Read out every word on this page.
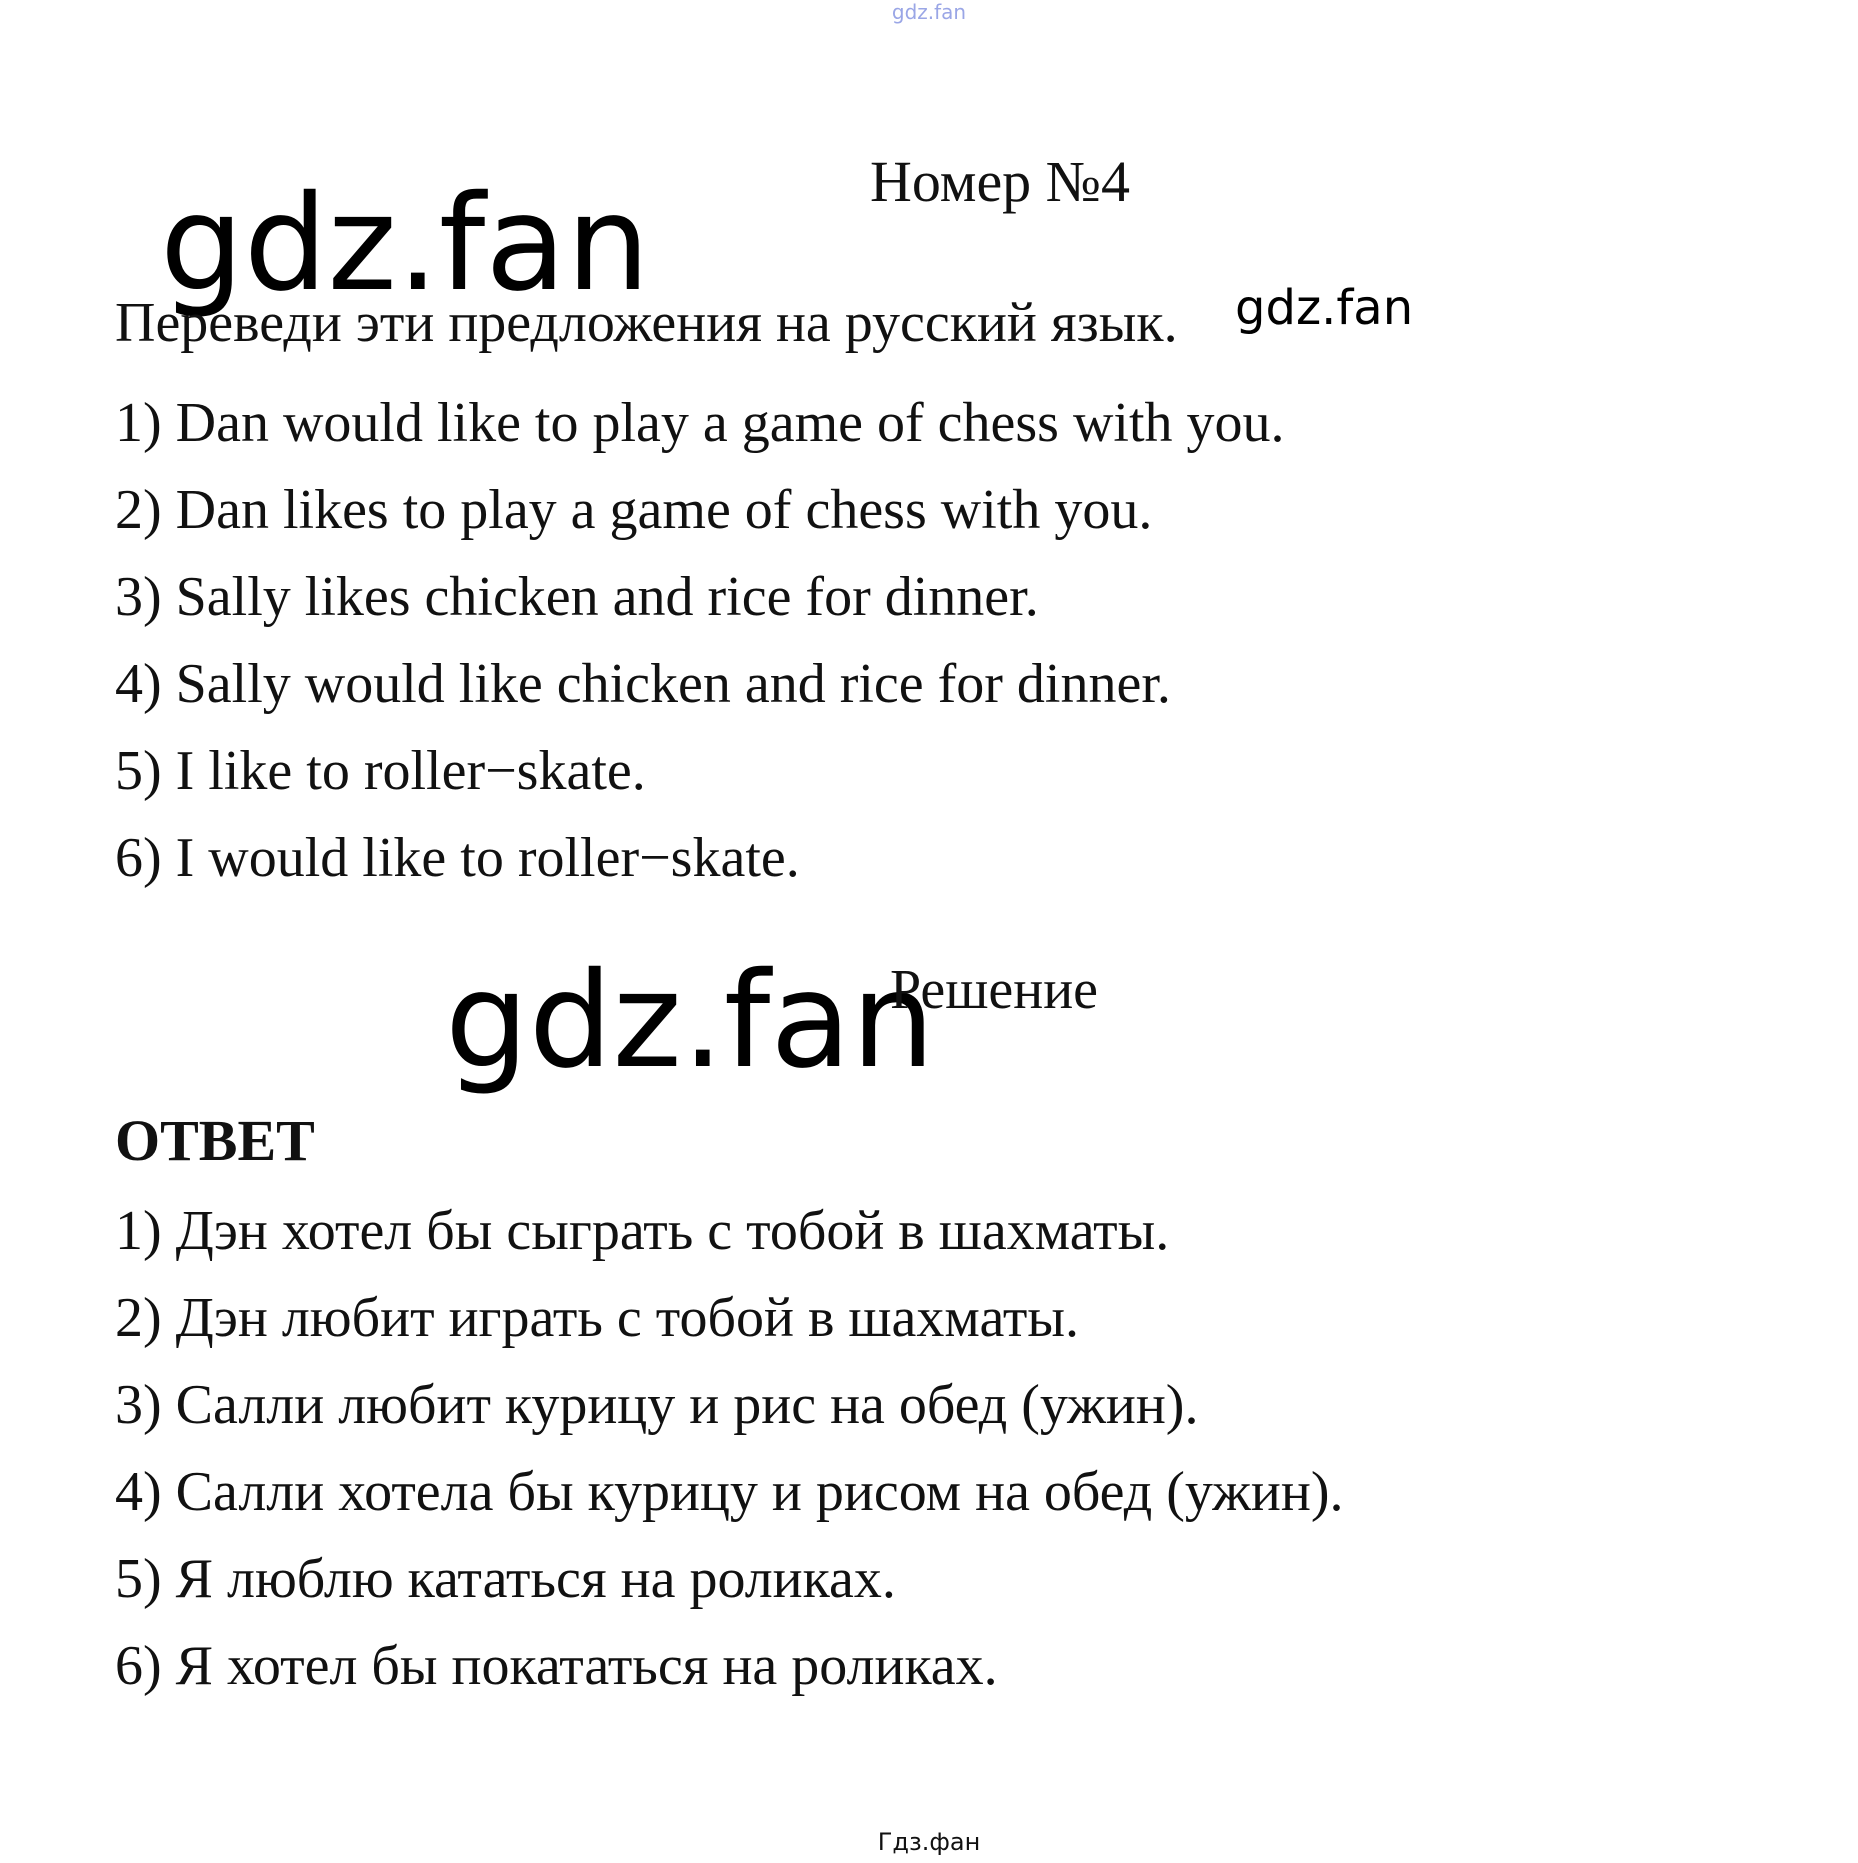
gdz.fan
Номер №4
gdz.fan
Переведи эти предложения на русский язык. gdz.fan
1) Dan would like to play a game of chess with you.
2) Dan likes to play a game of chess with you.
3) Sally likes chicken and rice for dinner.
4) Sally would like chicken and rice for dinner.
5) I like to roller−skate.
6) I would like to roller−skate.
gdz.fan
Решение
ОТВЕТ
1) Дэн хотел бы сыграть с тобой в шахматы.
2) Дэн любит играть с тобой в шахматы.
3) Салли любит курицу и рис на обед (ужин).
4) Салли хотела бы курицу и рисом на обед (ужин).
5) Я люблю кататься на роликах.
6) Я хотел бы покататься на роликах.
Гдз.фан
